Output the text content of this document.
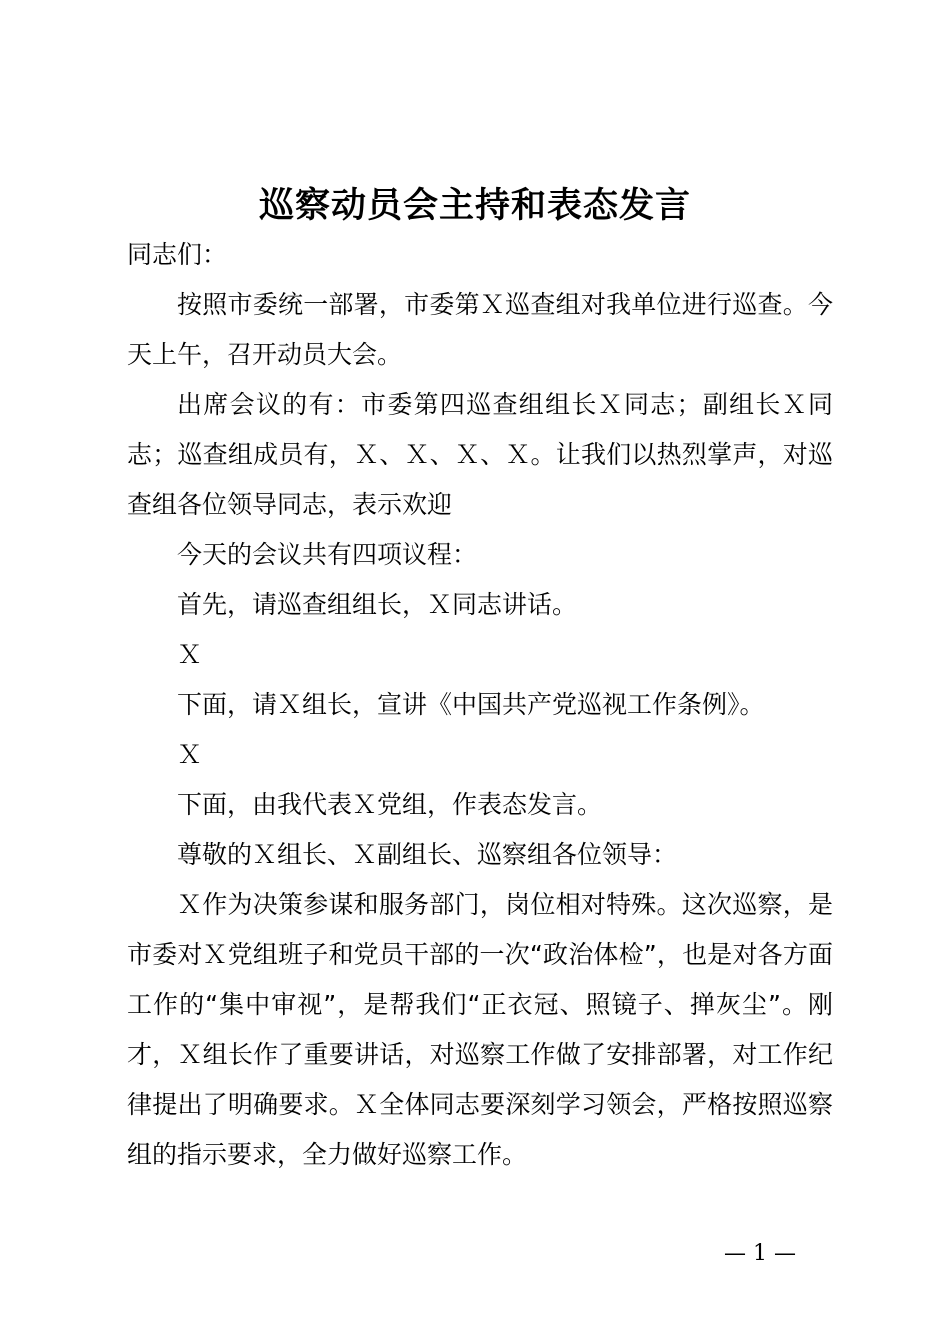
巡察动员会主持和表态发言

同志们：

按照市委统一部署，市委第Ｘ巡查组对我单位进行巡查。今天上午，召开动员大会。

出席会议的有：市委第四巡查组组长Ｘ同志；副组长Ｘ同志；巡查组成员有，Ｘ、Ｘ、Ｘ、Ｘ。让我们以热烈掌声，对巡查组各位领导同志，表示欢迎

今天的会议共有四项议程：

首先，请巡查组组长，Ｘ同志讲话。

Ｘ

下面，请Ｘ组长，宣讲《中国共产党巡视工作条例》。

Ｘ

下面，由我代表Ｘ党组，作表态发言。

尊敬的Ｘ组长、Ｘ副组长、巡察组各位领导：

Ｘ作为决策参谋和服务部门，岗位相对特殊。这次巡察，是市委对Ｘ党组班子和党员干部的一次“政治体检”，也是对各方面工作的“集中审视”，是帮我们“正衣冠、照镜子、掸灰尘”。刚才，Ｘ组长作了重要讲话，对巡察工作做了安排部署，对工作纪律提出了明确要求。Ｘ全体同志要深刻学习领会，严格按照巡察组的指示要求，全力做好巡察工作。

— 1 —
